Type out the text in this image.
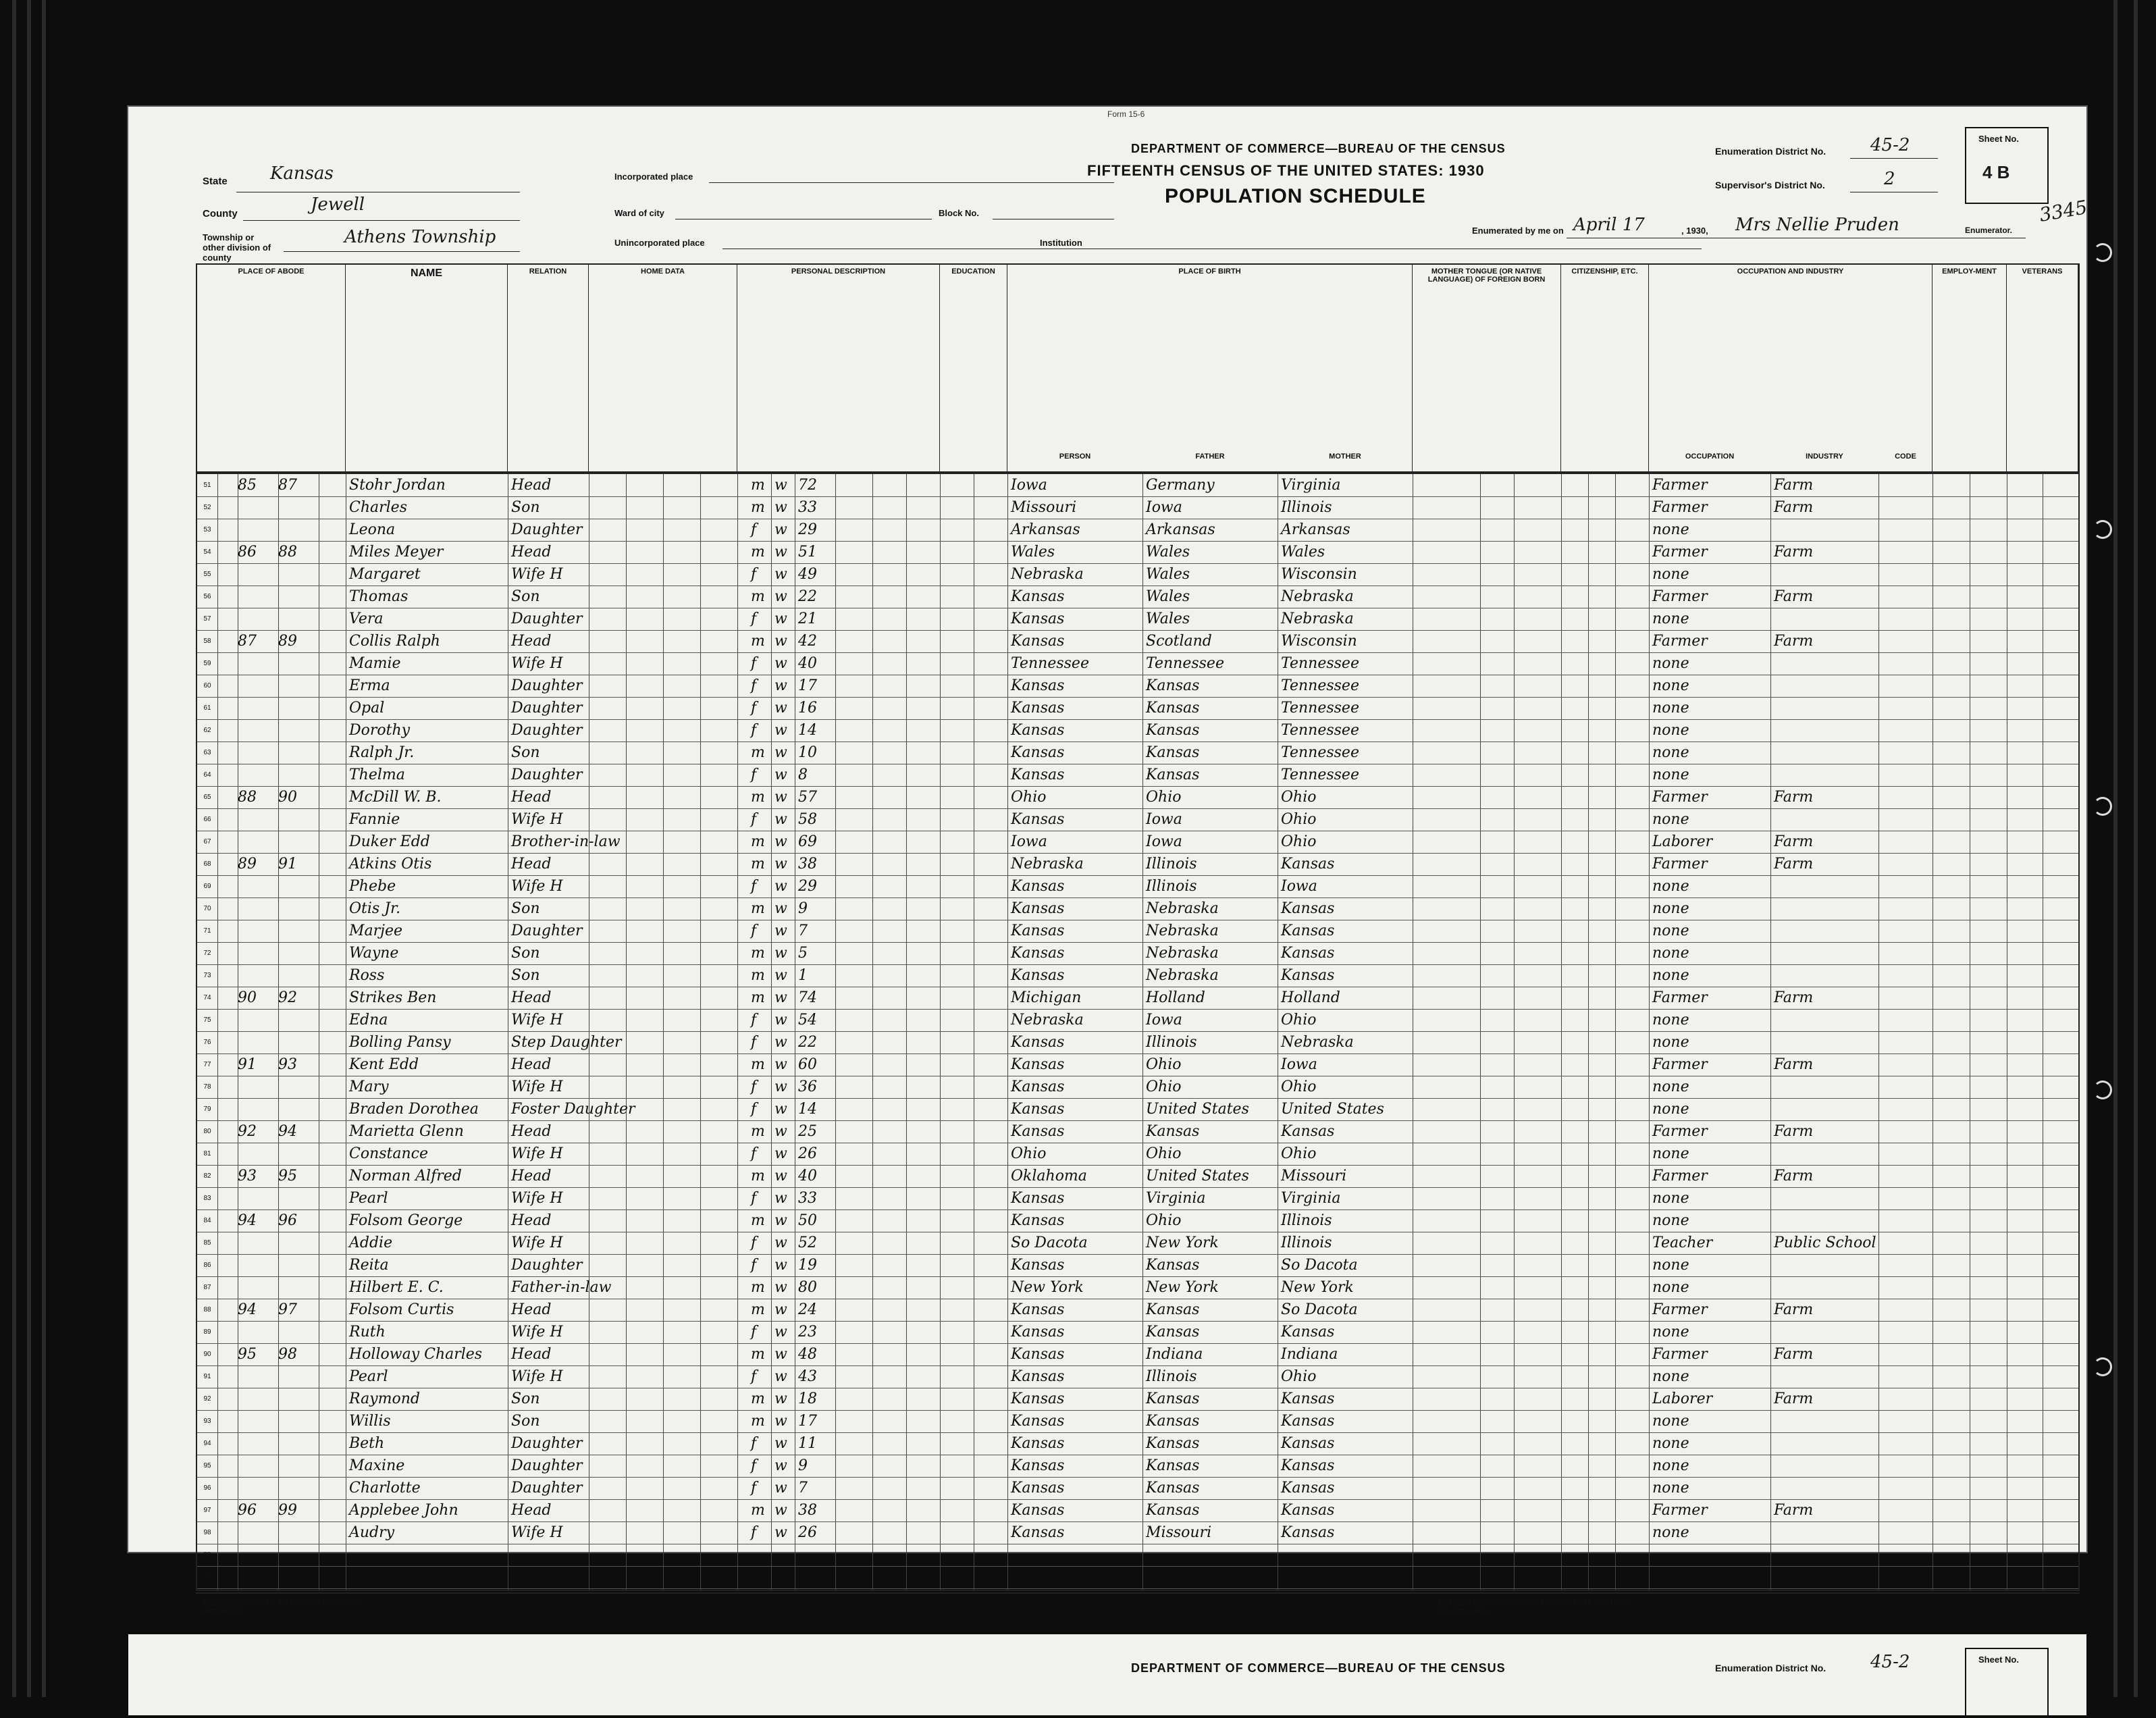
Form 15-6
DEPARTMENT OF COMMERCE—BUREAU OF THE CENSUS
FIFTEENTH CENSUS OF THE UNITED STATES: 1930
POPULATION SCHEDULE
State Kansas
County	Jewell
Township or other division of county
Athens Township
Incorporated place
Ward of city	Block No.
Unincorporated place	Institution
Enumeration District No.	45-2
Supervisor's District No.	2
Sheet No.
4 B
3345
Enumerated by me on April 17	, 1930, Mrs Nellie Pruden	Enumerator.
PLACE OF ABODE	NAME	RELATION	HOME DATA	PERSONAL DESCRIPTION	EDUCATION	PLACE OF BIRTH
PERSON	FATHER	MOTHER
MOTHER TONGUE (OR NATIVE LANGUAGE) OF FOREIGN BORN
CITIZENSHIP, ETC.	OCCUPATION AND INDUSTRY
OCCUPATION	INDUSTRY	CODE
EMPLOY-MENT	VETERANS
51	85	87	Stohr Jordan	Head	m w 72	Iowa	Germany	Virginia	Farmer	Farm
52	Charles	Son	m w 33	Missouri	Iowa	Illinois	Farmer	Farm
53	Leona	Daughter	f	w 29	Arkansas	Arkansas	Arkansas	none
54	86	88	Miles Meyer	Head	m w 51	Wales	Wales	Wales	Farmer	Farm
55	Margaret	Wife H	f	w 49	Nebraska	Wales	Wisconsin	none
56	Thomas	Son	m w 22	Kansas	Wales	Nebraska	Farmer	Farm
57	Vera	Daughter	f	w 21	Kansas	Wales	Nebraska	none
58	87	89	Collis Ralph	Head	m w 42	Kansas	Scotland	Wisconsin	Farmer	Farm
59	Mamie	Wife H	f	w 40	Tennessee	Tennessee	Tennessee	none
60	Erma	Daughter	f	w 17	Kansas	Kansas	Tennessee	none
61	Opal	Daughter	f	w 16	Kansas	Kansas	Tennessee	none
62	Dorothy	Daughter	f	w 14	Kansas	Kansas	Tennessee	none
63	Ralph Jr.	Son	m w 10	Kansas	Kansas	Tennessee	none
64	Thelma	Daughter	f	w 8	Kansas	Kansas	Tennessee	none
65	88	90	McDill W. B.	Head	m w 57	Ohio	Ohio	Ohio	Farmer	Farm
66	Fannie	Wife H	f	w 58	Kansas	Iowa	Ohio	none
67	Duker Edd	Brother-in-law	m w 69	Iowa	Iowa	Ohio	Laborer	Farm
68	89	91	Atkins Otis	Head	m w 38	Nebraska	Illinois	Kansas	Farmer	Farm
69	Phebe	Wife H	f	w 29	Kansas	Illinois	Iowa	none
70	Otis Jr.	Son	m w 9	Kansas	Nebraska	Kansas	none
71	Marjee	Daughter	f	w 7	Kansas	Nebraska	Kansas	none
72	Wayne	Son	m w 5	Kansas	Nebraska	Kansas	none
73	Ross	Son	m w 1	Kansas	Nebraska	Kansas	none
74	90	92	Strikes Ben	Head	m w 74	Michigan	Holland	Holland	Farmer	Farm
75	Edna	Wife H	f	w 54	Nebraska	Iowa	Ohio	none
76	Bolling Pansy	Step Daughter	f	w 22	Kansas	Illinois	Nebraska	none
77	91	93	Kent Edd	Head	m w 60	Kansas	Ohio	Iowa	Farmer	Farm
78	Mary	Wife H	f	w 36	Kansas	Ohio	Ohio	none
79	Braden Dorothea	Foster Daughter	f	w 14	Kansas	United States	United States	none
80	92	94	Marietta Glenn	Head	m w 25	Kansas	Kansas	Kansas	Farmer	Farm
81	Constance	Wife H	f	w 26	Ohio	Ohio	Ohio	none
82	93	95	Norman Alfred	Head	m w 40	Oklahoma	United States	Missouri	Farmer	Farm
83	Pearl	Wife H	f	w 33	Kansas	Virginia	Virginia	none
84	94	96	Folsom George	Head	m w 50	Kansas	Ohio	Illinois	none
85	Addie	Wife H	f	w 52	So Dacota	New York	Illinois	Teacher	Public School
86	Reita	Daughter	f	w 19	Kansas	Kansas	So Dacota	none
87	Hilbert E. C.	Father-in-law	m w 80	New York	New York	New York	none
88	94	97	Folsom Curtis	Head	m w 24	Kansas	Kansas	So Dacota	Farmer	Farm
89	Ruth	Wife H	f	w 23	Kansas	Kansas	Kansas	none
90	95	98	Holloway Charles	Head	m w 48	Kansas	Indiana	Indiana	Farmer	Farm
91	Pearl	Wife H	f	w 43	Kansas	Illinois	Ohio	none
92	Raymond	Son	m w 18	Kansas	Kansas	Kansas	Laborer	Farm
93	Willis	Son	m w 17	Kansas	Kansas	Kansas	none
94	Beth	Daughter	f	w 11	Kansas	Kansas	Kansas	none
95	Maxine	Daughter	f	w 9	Kansas	Kansas	Kansas	none
96	Charlotte	Daughter	f	w 7	Kansas	Kansas	Kansas	none
97	96	99	Applebee John	Head	m w 38	Kansas	Kansas	Kansas	Farmer	Farm
98	Audry	Wife H	f	w 26	Kansas	Missouri	Kansas	none
99
100
ABBREVIATIONS TO BE USED IN COLUMNS INDICATED:
ENTRIES ARE REQUIRED IN THE SEVERAL COLUMNS AS FOLLOWS:
DEPARTMENT OF COMMERCE—BUREAU OF THE CENSUS	Enumeration District No.	45-2	Sheet No.
